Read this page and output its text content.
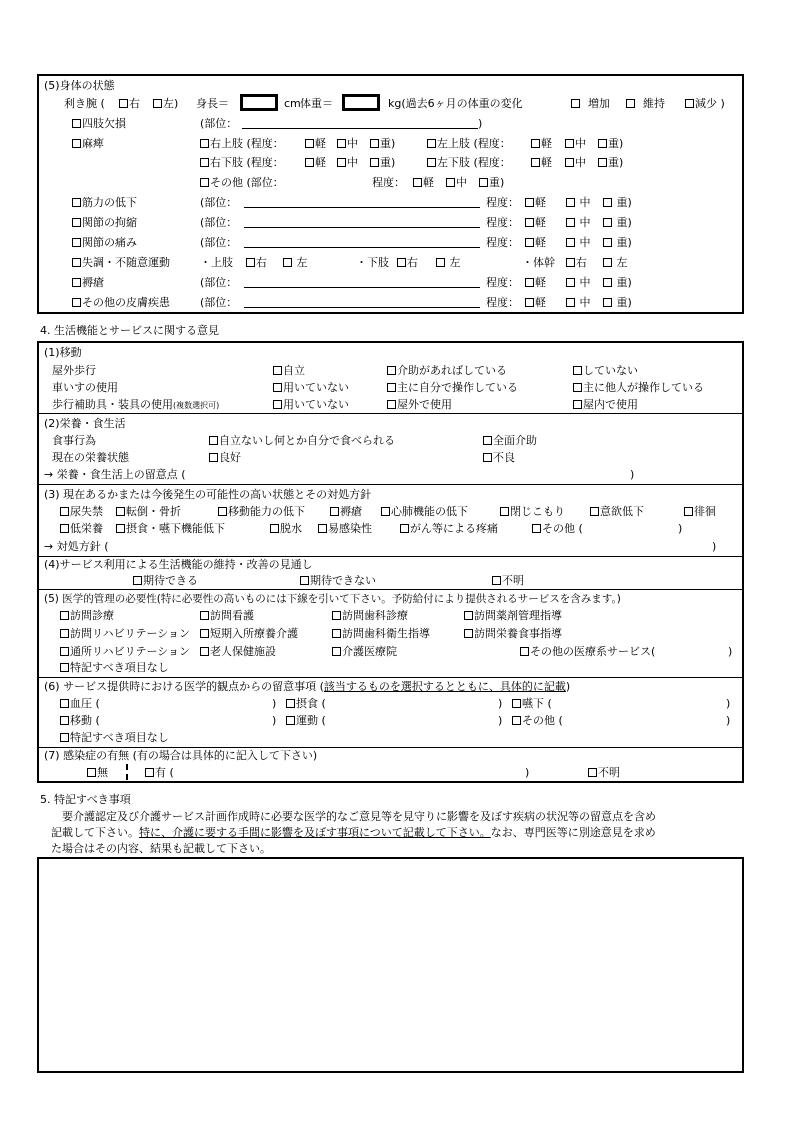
(5)身体の状態
利き腕 (	右	左) 身長＝	cm 体重＝	kg(過去6ヶ月の体重の変化	増加	維持	減少 )
四肢欠損	(部位：	)
麻痺	右上肢 (程度：	軽	中	重)	左上肢 (程度：	軽	中	重)
右下肢 (程度：	軽	中	重)	左下肢 (程度：	軽	中	重)
その他 (部位：	程度：	軽	中	重)
筋力の低下	(部位：	程度：	軽	中	重)
関節の拘縮	(部位：	程度：	軽	中	重)
関節の痛み	(部位：	程度：	軽	中	重)
失調・不随意運動	・上肢	右	左	・下肢	右	左	・体幹	右	左
褥瘡	(部位：	程度：	軽	中	重)
その他の皮膚疾患	(部位：	程度：	軽	中	重)
4. 生活機能とサービスに関する意見
(1)移動
屋外歩行	自立	介助があればしている	していない
車いすの使用	用いていない	主に自分で操作している	主に他人が操作している
歩行補助具・装具の使用(複数選択可)	用いていない	屋外で使用	屋内で使用
(2)栄養・食生活
食事行為	自立ないし何とか自分で食べられる	全面介助
現在の栄養状態	良好	不良
→ 栄養・食生活上の留意点 (	)
(3) 現在あるかまたは今後発生の可能性の高い状態とその対処方針
尿失禁	転倒・骨折	移動能力の低下	褥瘡	心肺機能の低下	閉じこもり	意欲低下	徘徊
低栄養	摂食・嚥下機能低下	脱水	易感染性	がん等による疼痛	その他 (	)
→ 対処方針 (	)
(4)サービス利用による生活機能の維持・改善の見通し
期待できる	期待できない	不明
(5) 医学的管理の必要性(特に必要性の高いものには下線を引いて下さい。予防給付により提供されるサービスを含みます。)
訪問診療	訪問看護	訪問歯科診療	訪問薬剤管理指導
訪問リハビリテーション	短期入所療養介護	訪問歯科衛生指導	訪問栄養食事指導
通所リハビリテーション	老人保健施設	介護医療院	その他の医療系サービス(	)
特記すべき項目なし
(6) サービス提供時における医学的観点からの留意事項 (該当するものを選択するとともに、具体的に記載)
血圧 (	)	摂食 (	)	嚥下 (	)
移動 (	)	運動 (	)	その他 (	)
特記すべき項目なし
(7) 感染症の有無 (有の場合は具体的に記入して下さい)
無	有 (	)	不明
5. 特記すべき事項
要介護認定及び介護サービス計画作成時に必要な医学的なご意見等を見守りに影響を及ぼす疾病の状況等の留意点を含め
記載して下さい。特に、介護に要する手間に影響を及ぼす事項について記載して下さい。なお、専門医等に別途意見を求め
た場合はその内容、結果も記載して下さい。
